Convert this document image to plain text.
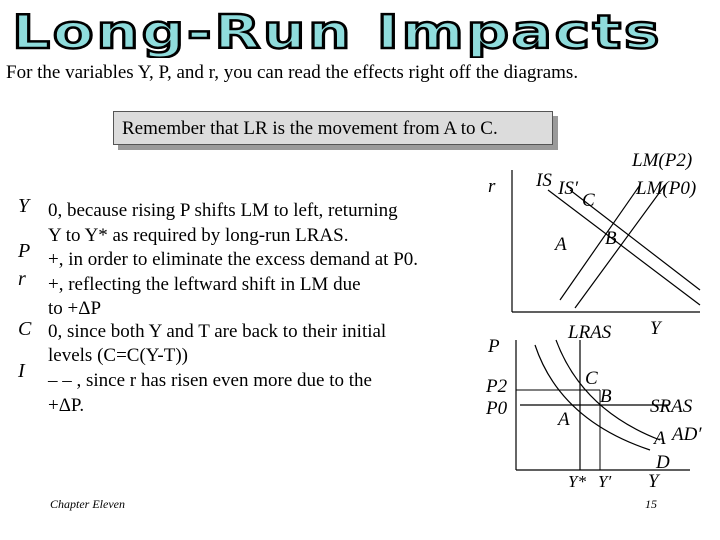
Long-Run Impacts
For the variables Y, P, and r, you can read the effects right off the diagrams.
Remember that LR is the movement from A to C.
Y 0, because rising P shifts LM to left, returning
Y to Y* as required by long-run LRAS.
P +, in order to eliminate the excess demand at P0.
r +, reflecting the leftward shift in LM due
to +ΔP
C 0, since both Y and T are back to their initial
levels (C=C(Y-T))
I – – , since r has risen even more due to the
+ΔP.
r IS IS′
LM(P2)
LM(P0)
A B
C
P
P2
P0
LRAS Y
SRAS
AD′
A
D
A
B
C
Y* Y′ Y
Chapter Eleven	15
